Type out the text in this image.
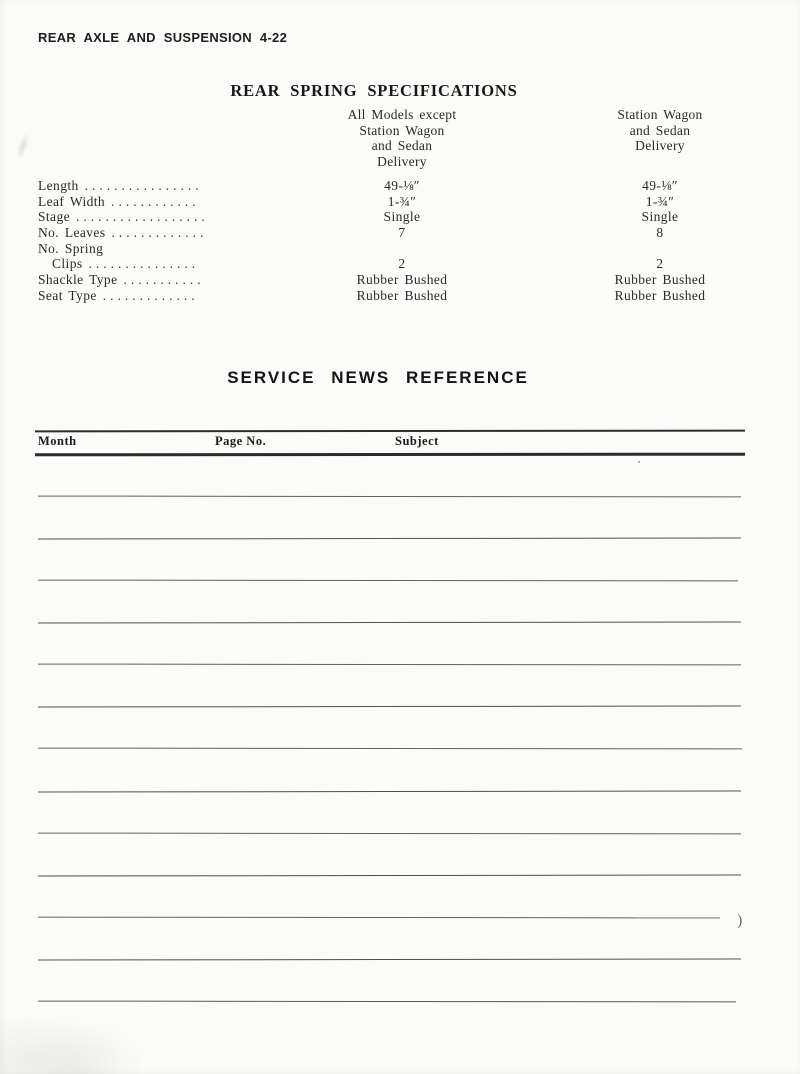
REAR AXLE AND SUSPENSION 4-22
REAR SPRING SPECIFICATIONS
All Models except
Station Wagon
and Sedan
Delivery
Station Wagon
and Sedan
Delivery
Length ................
Leaf Width ............
Stage ..................
No. Leaves .............
No. Spring
Clips ...............
Shackle Type ...........
Seat Type .............
49-⅛″
1-¾″
Single
7
2
Rubber Bushed
Rubber Bushed
49-⅛″
1-¾″
Single
8
2
Rubber Bushed
Rubber Bushed
SERVICE NEWS REFERENCE
Month	Page No.	Subject
)
